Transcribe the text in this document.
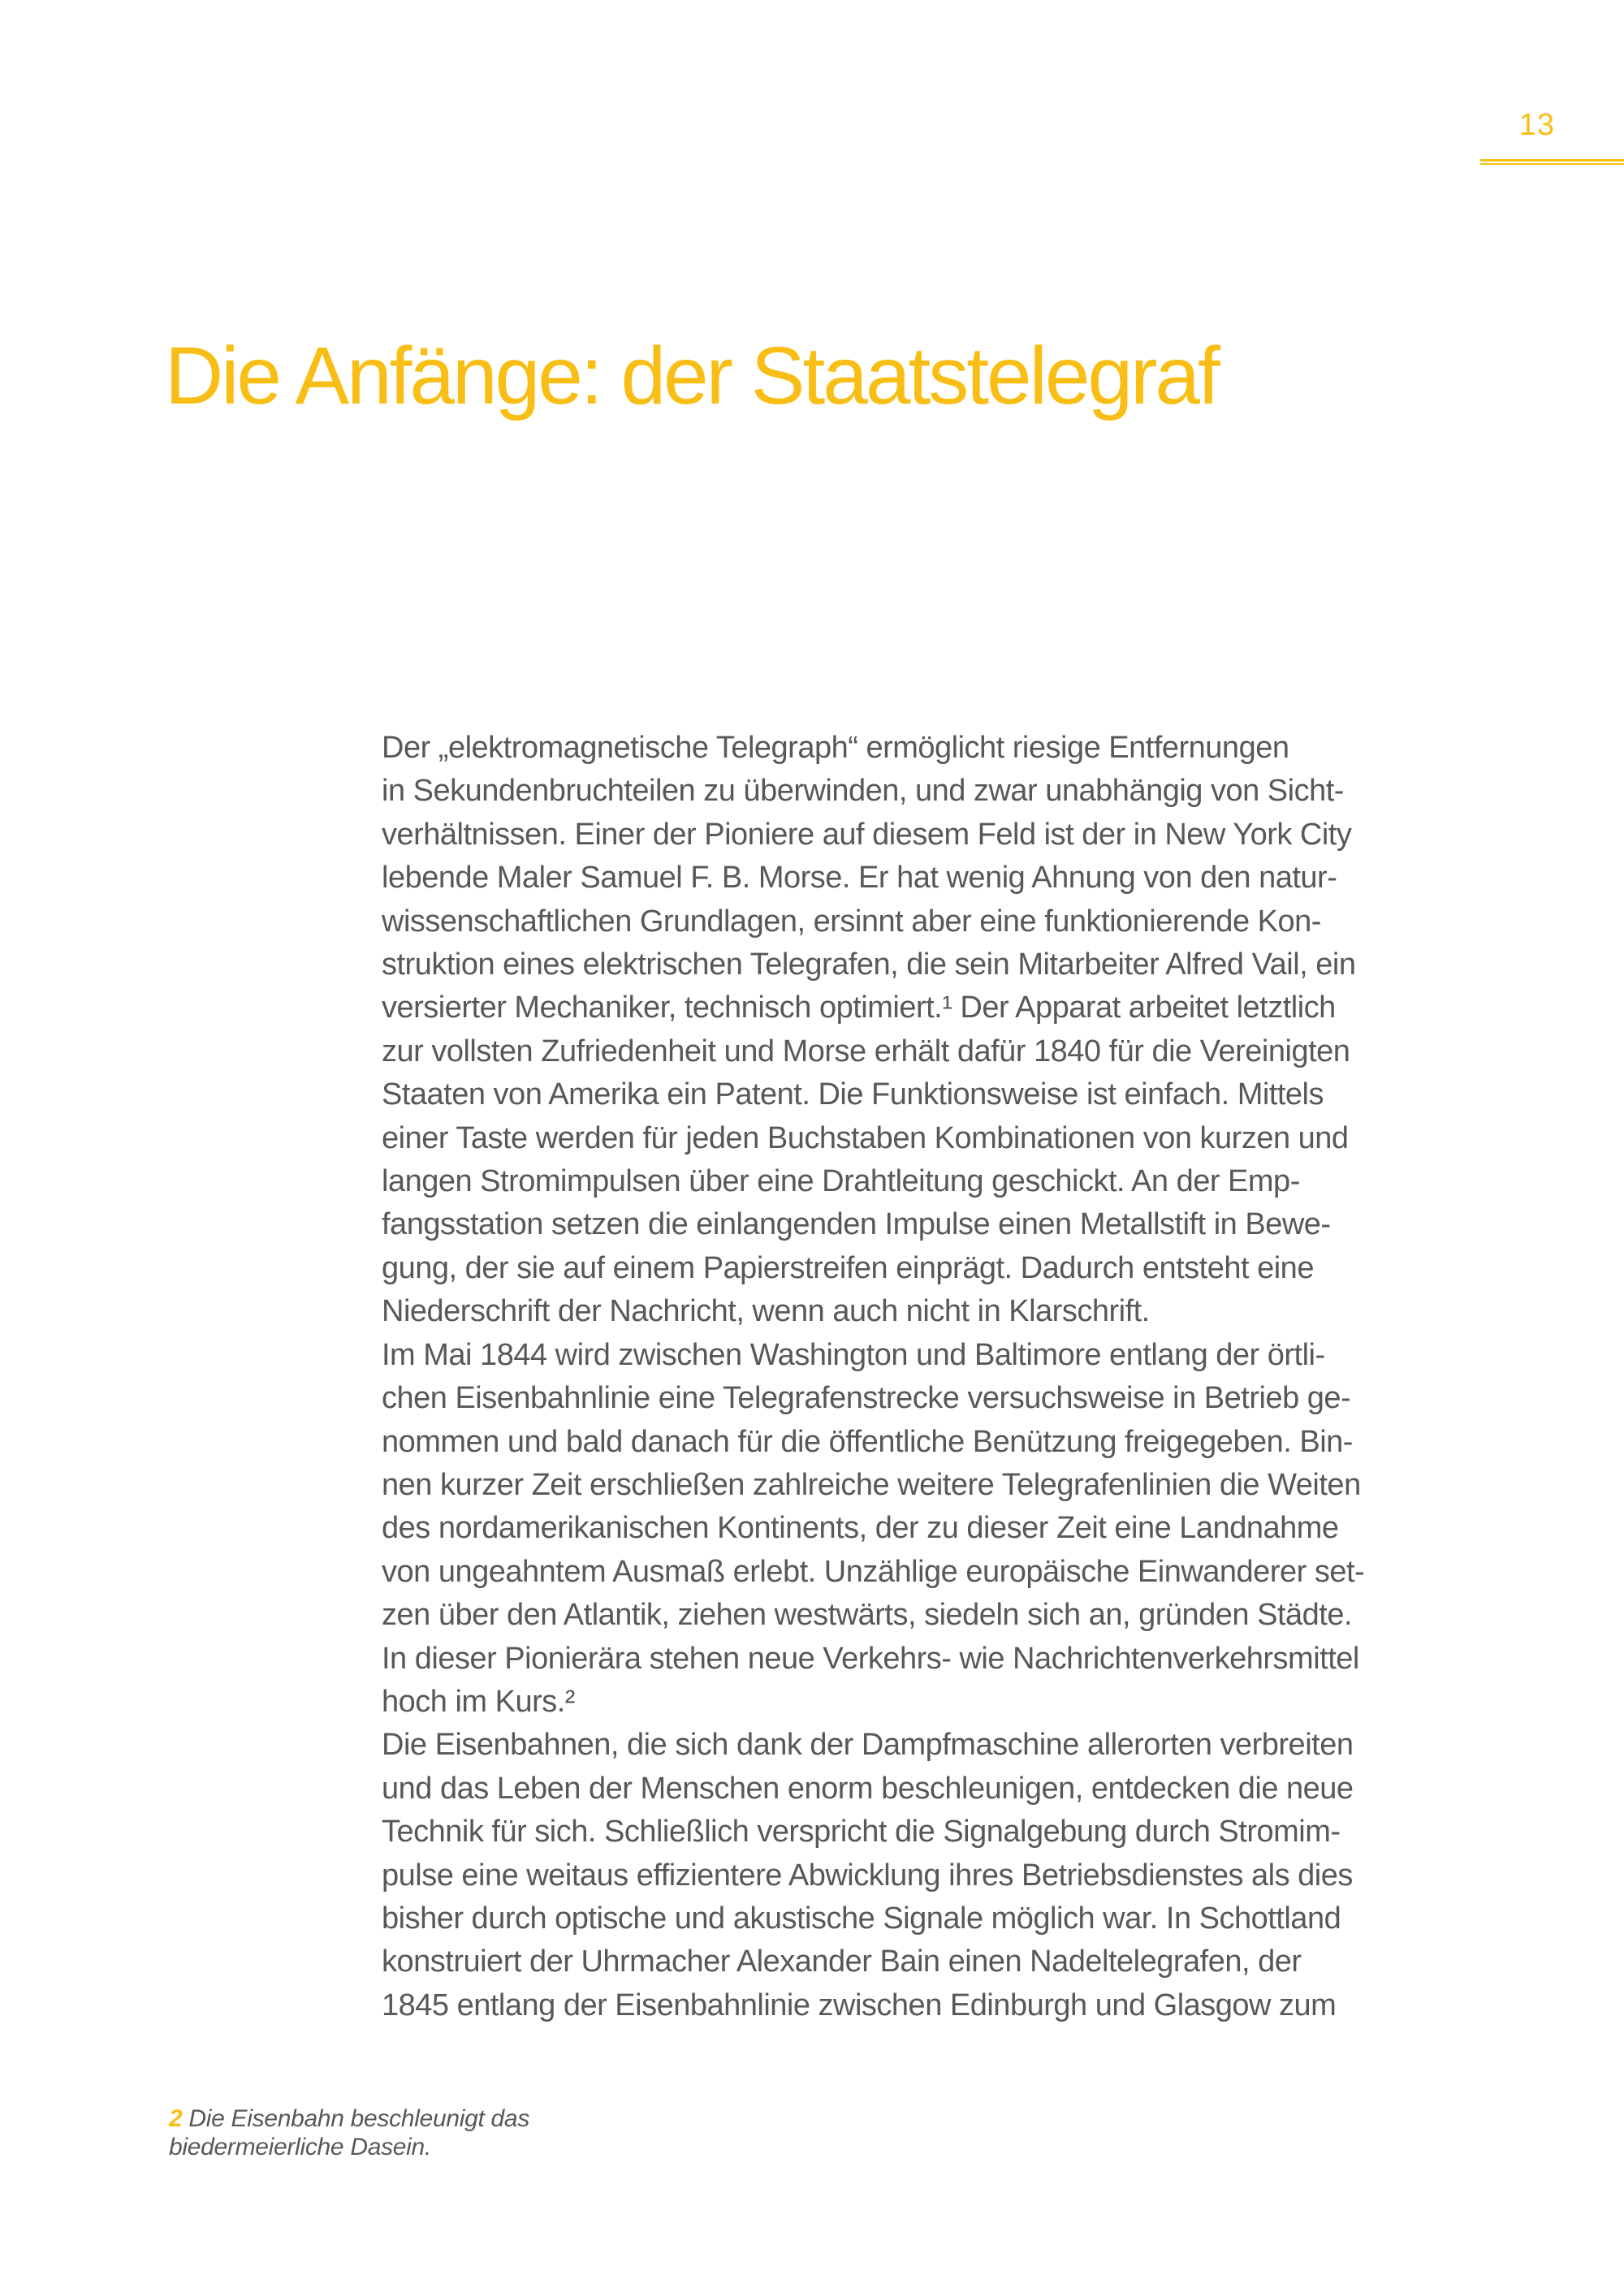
13
Die Anfänge: der Staatstelegraf
Der „elektromagnetische Telegraph“ ermöglicht riesige Entfernungen
in Sekundenbruchteilen zu überwinden, und zwar unabhängig von Sicht-
verhältnissen. Einer der Pioniere auf diesem Feld ist der in New York City
lebende Maler Samuel F. B. Morse. Er hat wenig Ahnung von den natur-
wissenschaftlichen Grundlagen, ersinnt aber eine funktionierende Kon-
struktion eines elektrischen Telegrafen, die sein Mitarbeiter Alfred Vail, ein
versierter Mechaniker, technisch optimiert.¹ Der Apparat arbeitet letztlich
zur vollsten Zufriedenheit und Morse erhält dafür 1840 für die Vereinigten
Staaten von Amerika ein Patent. Die Funktionsweise ist einfach. Mittels
einer Taste werden für jeden Buchstaben Kombinationen von kurzen und
langen Stromimpulsen über eine Drahtleitung geschickt. An der Emp-
fangsstation setzen die einlangenden Impulse einen Metallstift in Bewe-
gung, der sie auf einem Papierstreifen einprägt. Dadurch entsteht eine
Niederschrift der Nachricht, wenn auch nicht in Klarschrift.
Im Mai 1844 wird zwischen Washington und Baltimore entlang der örtli-
chen Eisenbahnlinie eine Telegrafenstrecke versuchsweise in Betrieb ge-
nommen und bald danach für die öffentliche Benützung freigegeben. Bin-
nen kurzer Zeit erschließen zahlreiche weitere Telegrafenlinien die Weiten
des nordamerikanischen Kontinents, der zu dieser Zeit eine Landnahme
von ungeahntem Ausmaß erlebt. Unzählige europäische Einwanderer set-
zen über den Atlantik, ziehen westwärts, siedeln sich an, gründen Städte.
In dieser Pionierära stehen neue Verkehrs- wie Nachrichtenverkehrsmittel
hoch im Kurs.²
Die Eisenbahnen, die sich dank der Dampfmaschine allerorten verbreiten
und das Leben der Menschen enorm beschleunigen, entdecken die neue
Technik für sich. Schließlich verspricht die Signalgebung durch Stromim-
pulse eine weitaus effizientere Abwicklung ihres Betriebsdienstes als dies
bisher durch optische und akustische Signale möglich war. In Schottland
konstruiert der Uhrmacher Alexander Bain einen Nadeltelegrafen, der
1845 entlang der Eisenbahnlinie zwischen Edinburgh und Glasgow zum
2 Die Eisenbahn beschleunigt das
biedermeierliche Dasein.
